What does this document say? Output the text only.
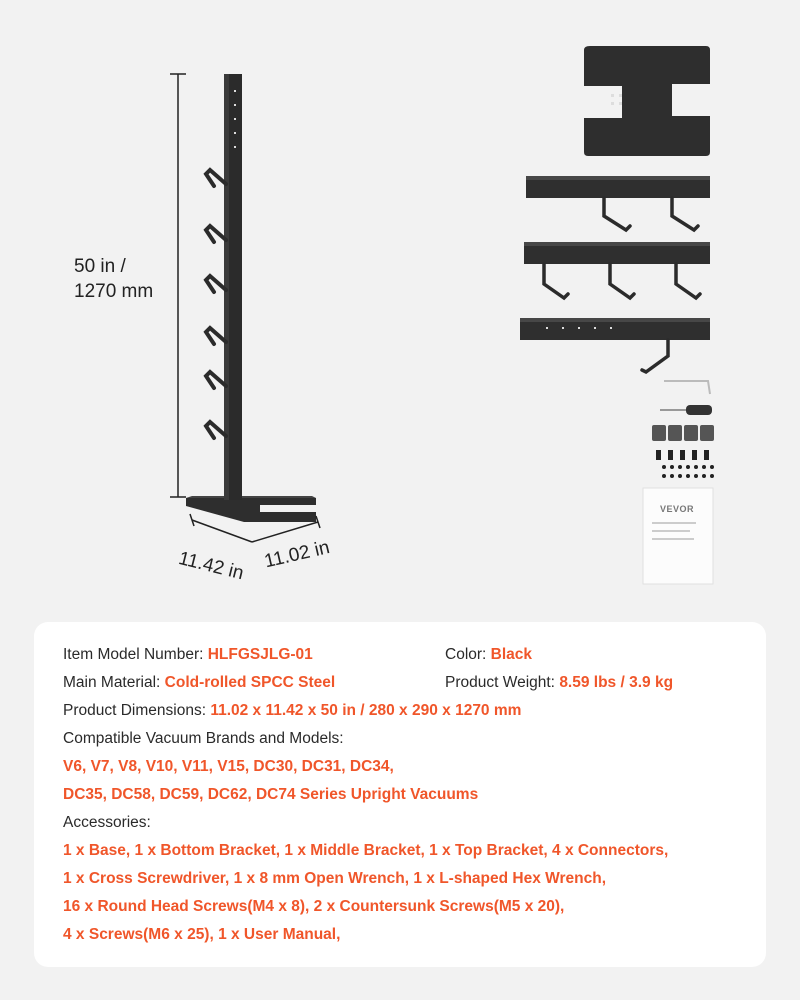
50 in /
1270 mm
11.42 in 11.02 in
VEVOR
Item Model Number: HLFGSJLG-01	Color: Black
Main Material: Cold-rolled SPCC Steel	Product Weight: 8.59 lbs / 3.9 kg
Product Dimensions: 11.02 x 11.42 x 50 in / 280 x 290 x 1270 mm
Compatible Vacuum Brands and Models:
V6, V7, V8, V10, V11, V15, DC30, DC31, DC34,
DC35, DC58, DC59, DC62, DC74 Series Upright Vacuums
Accessories:
1 x Base, 1 x Bottom Bracket, 1 x Middle Bracket, 1 x Top Bracket, 4 x Connectors,
1 x Cross Screwdriver, 1 x 8 mm Open Wrench, 1 x L-shaped Hex Wrench,
16 x Round Head Screws(M4 x 8), 2 x Countersunk Screws(M5 x 20),
4 x Screws(M6 x 25), 1 x User Manual,
